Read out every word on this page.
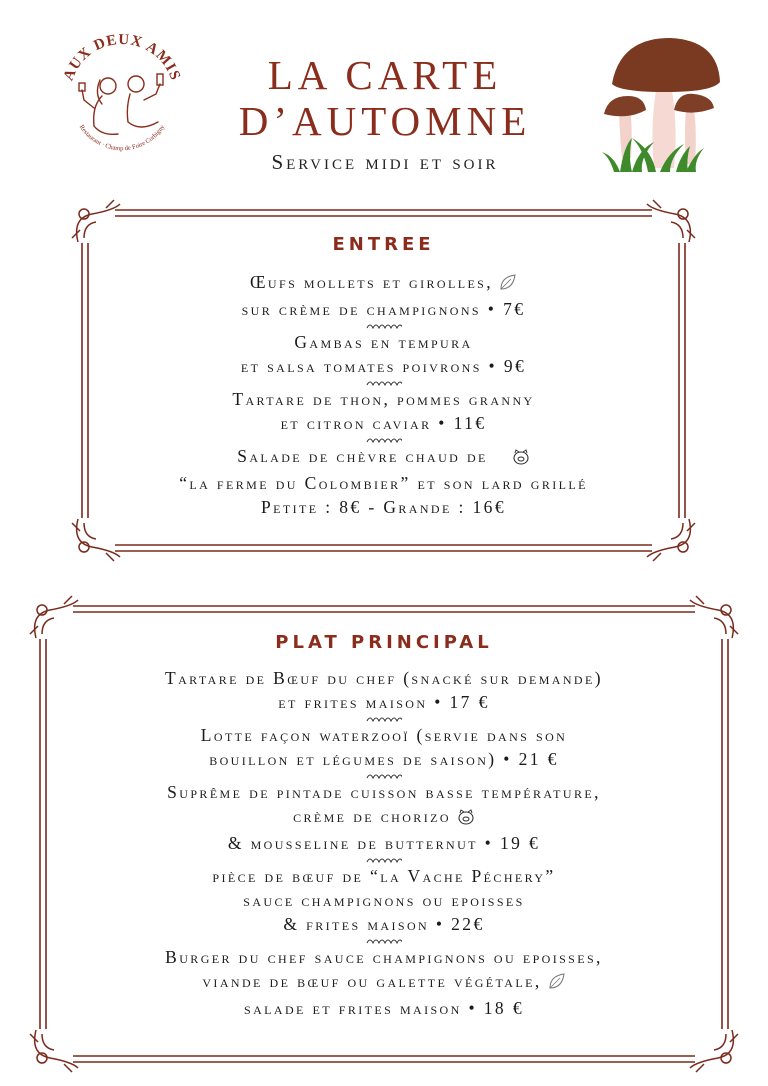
AUX DEUX AMIS
Restaurant · Champ de Foire Corbigny
LA CARTE
D’AUTOMNE
Service midi et soir
ENTREE
Œufs mollets et girolles,
sur crème de champignons • 7€
Gambas en tempura
et salsa tomates poivrons • 9€
Tartare de thon, pommes granny
et citron caviar • 11€
Salade de chèvre chaud de
“la ferme du Colombier” et son lard grillé
Petite : 8€ - Grande : 16€
PLAT PRINCIPAL
Tartare de Bœuf du chef (snacké sur demande)
et frites maison • 17 €
Lotte façon waterzooï (servie dans son
bouillon et légumes de saison) • 21 €
Suprême de pintade cuisson basse température,
crème de chorizo
& mousseline de butternut • 19 €
pièce de bœuf de “la Vache Péchery”
sauce champignons ou epoisses
& frites maison • 22€
Burger du chef sauce champignons ou epoisses,
viande de bœuf ou galette végétale,
salade et frites maison • 18 €
